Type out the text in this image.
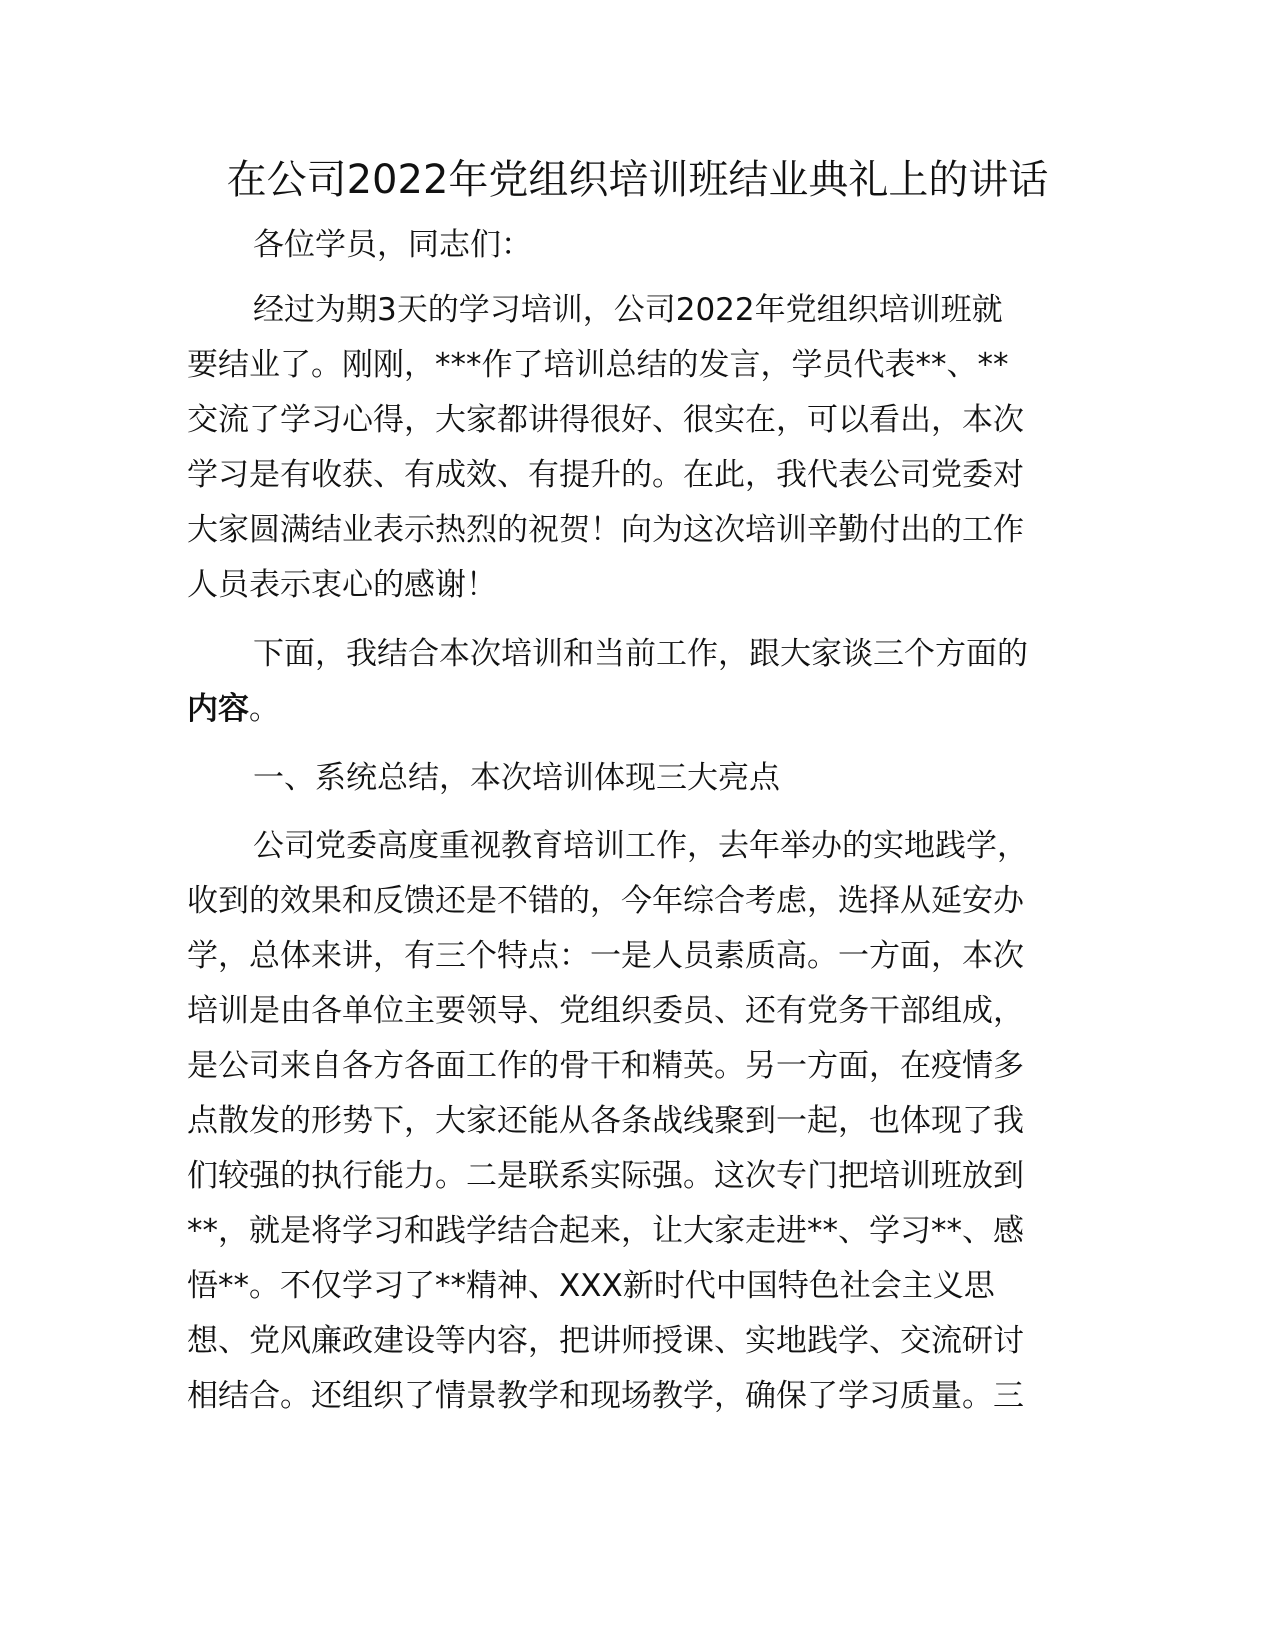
在公司2022年党组织培训班结业典礼上的讲话

各位学员，同志们：

经过为期3天的学习培训，公司2022年党组织培训班就

要结业了。刚刚，***作了培训总结的发言，学员代表**、**

交流了学习心得，大家都讲得很好、很实在，可以看出，本次

学习是有收获、有成效、有提升的。在此，我代表公司党委对

大家圆满结业表示热烈的祝贺！向为这次培训辛勤付出的工作

人员表示衷心的感谢！

下面，我结合本次培训和当前工作，跟大家谈三个方面的

内容。

一、系统总结，本次培训体现三大亮点

公司党委高度重视教育培训工作，去年举办的实地践学，

收到的效果和反馈还是不错的，今年综合考虑，选择从延安办

学，总体来讲，有三个特点：一是人员素质高。一方面，本次

培训是由各单位主要领导、党组织委员、还有党务干部组成，

是公司来自各方各面工作的骨干和精英。另一方面，在疫情多

点散发的形势下，大家还能从各条战线聚到一起，也体现了我

们较强的执行能力。二是联系实际强。这次专门把培训班放到

**，就是将学习和践学结合起来，让大家走进**、学习**、感

悟**。不仅学习了**精神、XXX新时代中国特色社会主义思

想、党风廉政建设等内容，把讲师授课、实地践学、交流研讨

相结合。还组织了情景教学和现场教学，确保了学习质量。三
